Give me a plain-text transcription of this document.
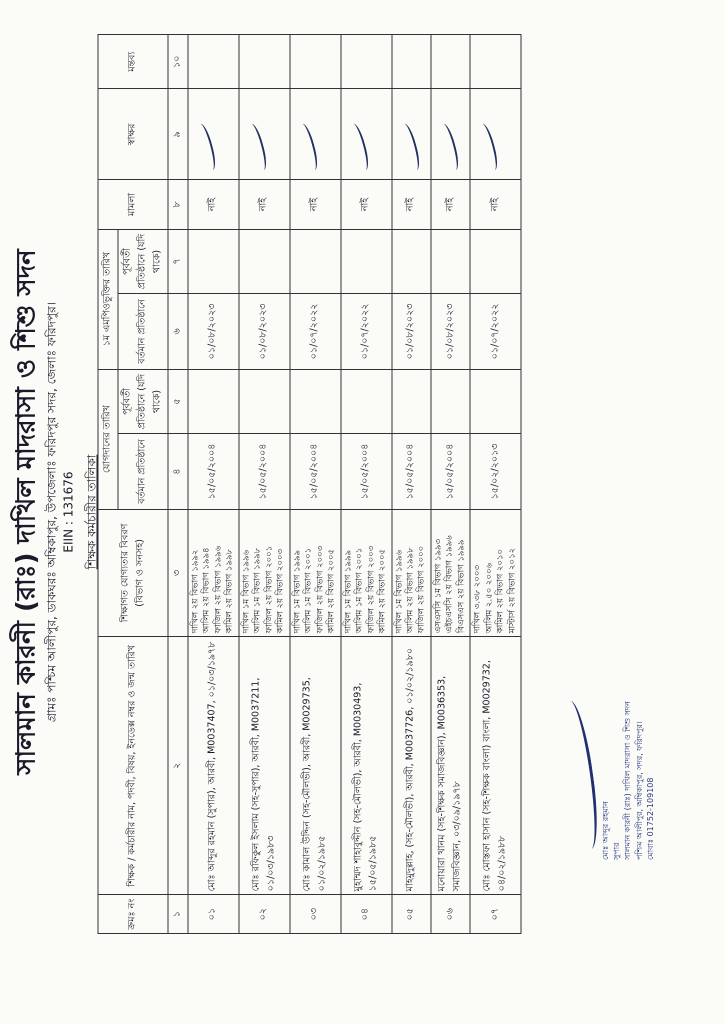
সালমান কারনী (রাঃ) দাখিল মাদরাসা ও শিশু সদন গ্রামঃ পশ্চিম আলীপুর, ডাকঘরঃ অম্বিকাপুর, উপজেলাঃ ফরিদপুর সদর, জেলাঃ ফরিদপুর। EIIN : 131676 শিক্ষক কর্মচারীর তালিকা
ক্রমঃ নং	শিক্ষক / কর্মচারীর নাম, পদবী, বিষয়, ইনডেক্স নম্বর ও জন্ম তারিখ	শিক্ষাগত যোগ্যতার বিবরণ (বিভাগ ও সনসহ)	যোগদানের তারিখ		১ম এমপিওভুক্তির তারিখ		মামলা	স্বাক্ষর	মন্তব্য
			বর্তমান প্রতিষ্ঠানে	পূর্ববর্তী প্রতিষ্ঠানে (যদি থাকে)	বর্তমান প্রতিষ্ঠানে	পূর্ববর্তী প্রতিষ্ঠানে (যদি থাকে)			
১	২	৩	৪	৫	৬	৭	৮	৯	১০
০১	মোঃ আব্দুর রহমান (সুপার), আরবী, M0037407, ০১/০৩/১৯৭৮	দাখিল ২য় বিভাগ ১৯৯২
আলিম ২য় বিভাগ ১৯৯৪
ফাজিল ২য় বিভাগ ১৯৯৬
কামিল ২য় বিভাগ ১৯৯৮	১৫/০৫/২০০৪		০১/০৮/২০২৩		নাই	

০২	মোঃ রফিকুল ইসলাম (সহ-সুপার), আরবী, M0037211, ০১/০৩/১৯৮৩	দাখিল ১ম বিভাগ ১৯৯৬
আলিম ১ম বিভাগ ১৯৯৮
ফাজিল ২য় বিভাগ ২০০১
কামিল ২য় বিভাগ ২০০৩	১৫/০৫/২০০৪		০১/০৮/২০২৩		নাই	

০৩	মোঃ কামাল উদ্দিন (সহ-মৌলভী), আরবী, M0029735, ০১/০২/১৯৮৫	দাখিল ১ম বিভাগ ১৯৯৯
আলিম ১ম বিভাগ ২০০১
ফাজিল ২য় বিভাগ ২০০৩
কামিল ২য় বিভাগ ২০০৫	১৫/০৫/২০০৪		০১/০৭/২০২২		নাই	

০৪	মুহাম্মদ শাহাবুদ্দীন (সহ-মৌলভী), আরবী, M0030493, ১৫/০৫/১৯৮৫	দাখিল ১ম বিভাগ ১৯৯৯
আলিম ১ম বিভাগ ২০০১
ফাজিল ২য় বিভাগ ২০০৩
কামিল ২য় বিভাগ ২০০৫	১৫/০৫/২০০৪		০১/০৭/২০২২		নাই	

০৫	মাহমুদুল্লাহ, (সহ-মৌলভী), আরবী, M0037726, ০১/০২/১৯৮০	দাখিল ১ম বিভাগ ১৯৯৬
আলিম ২য় বিভাগ ১৯৯৮
ফাজিল ২য় বিভাগ ২০০০	১৫/০৫/২০০৪		০১/০৮/২০২৩		নাই	

০৬	মনোয়ারা খানম (সহ-শিক্ষক সমাজবিজ্ঞান), M0036353, সমাজবিজ্ঞান, ০৩/০৯/১৯৭৮	এসএসসি ১ম বিভাগ ১৯৯৩
এইচএসসি ২য় বিভাগ ১৯৯৬
বিএসএস ২য় বিভাগ ১৯৯৯	১৫/০৫/২০০৪		০১/০৮/২০২৩		নাই	

০৭	মোঃ মোস্তফা হাসান (সহ-শিক্ষক বাংলা) বাংলা, M0029732, ০৪/০২/১৯৮৮	দাখিল ৩.৩৮ ২০০৩
আলিম ২.৫০ ২০০৬
কামিল ২য় বিভাগ ২০১০
মাস্টার্স ২য় বিভাগ ২০১২	১৫/০২/২০১৩		০১/০৭/২০২২		নাই	

মোঃ আব্দুর রহমান সুপার সালমান কারনী (রাঃ) দাখিল মাদরাসা ও শিশু সদন পশ্চিম আলীপুর, অম্বিকাপুর, সদর, ফরিদপুর। মোবাঃ 01752-109108
